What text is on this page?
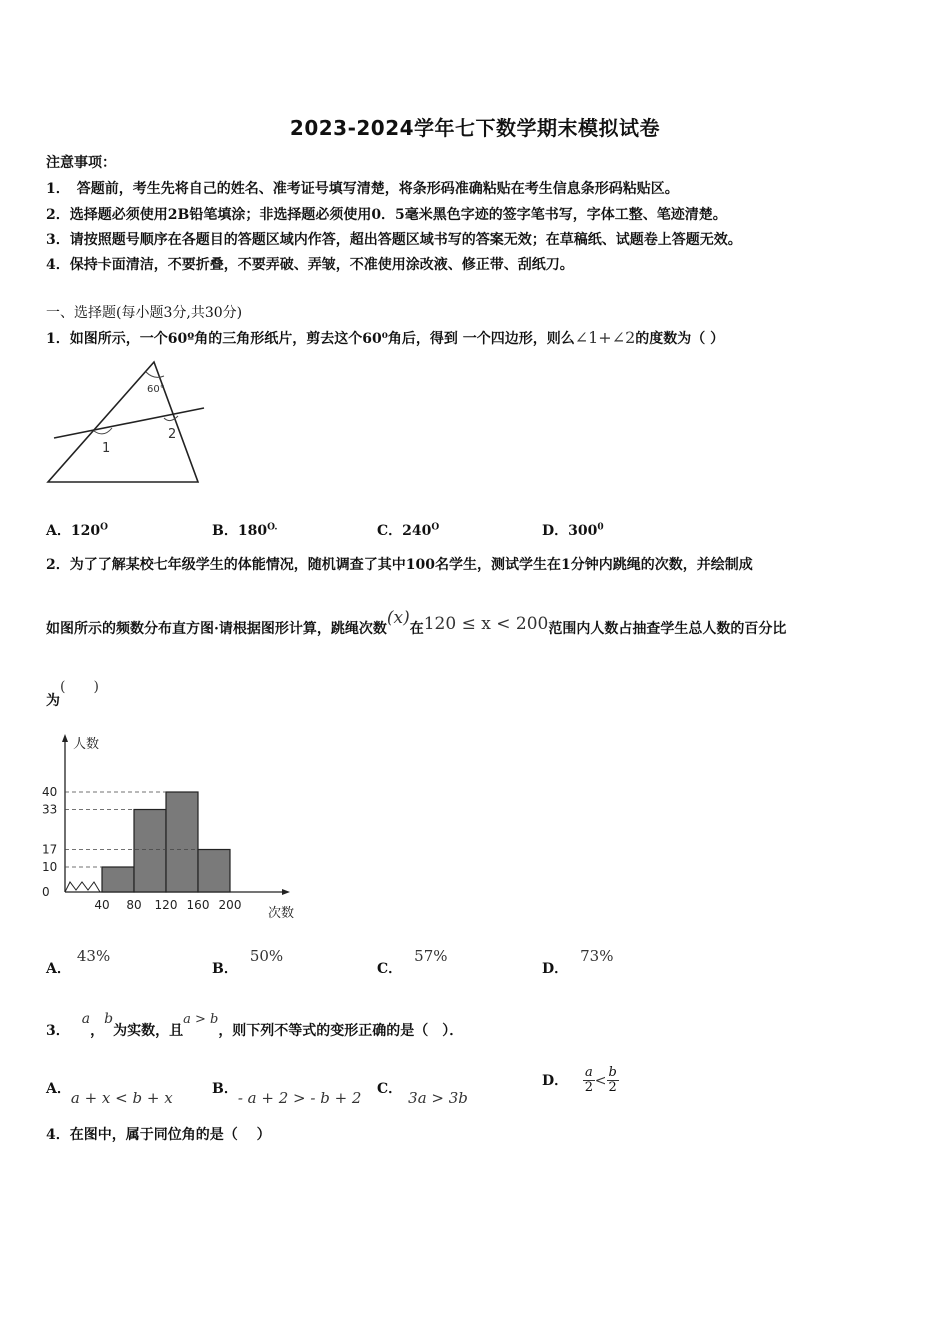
2023-2024学年七下数学期末模拟试卷
注意事项：
1．　答题前，考生先将自己的姓名、准考证号填写清楚，将条形码准确粘贴在考生信息条形码粘贴区。
2．选择题必须使用2B铅笔填涂；非选择题必须使用0．5毫米黑色字迹的签字笔书写，字体工整、笔迹清楚。
3．请按照题号顺序在各题目的答题区域内作答，超出答题区域书写的答案无效；在草稿纸、试题卷上答题无效。
4．保持卡面清洁，不要折叠，不要弄破、弄皱，不准使用涂改液、修正带、刮纸刀。
一、选择题(每小题3分,共30分)
1．如图所示，一个60º角的三角形纸片，剪去这个60⁰角后，得到 一个四边形，则么∠1+∠2的度数为（ ）
60°
1
2
A．$120^O$	B．$180^{O.}$	C．$240^O$	D．$300^0$
2．为了了解某校七年级学生的体能情况，随机调查了其中100名学生，测试学生在1分钟内跳绳的次数，并绘制成
如图所示的频数分布直方图·请根据图形计算，跳绳次数(x)在120 ≤ x < 200范围内人数占抽查学生总人数的百分比
为(　　)
0
10
17
33
40
40 80 120 160 200
人数
次数
A．43%
B．50%
C．57%
D．73%
3．a，b为实数，且a > b，则下列不等式的变形正确的是（　）．
A．a + x < b + x	B．- a + 2 > - b + 2 C． 3a > 3b
D． $\frac{a}{2} < \frac{b}{2}$
4．在图中，属于同位角的是（　 ）
